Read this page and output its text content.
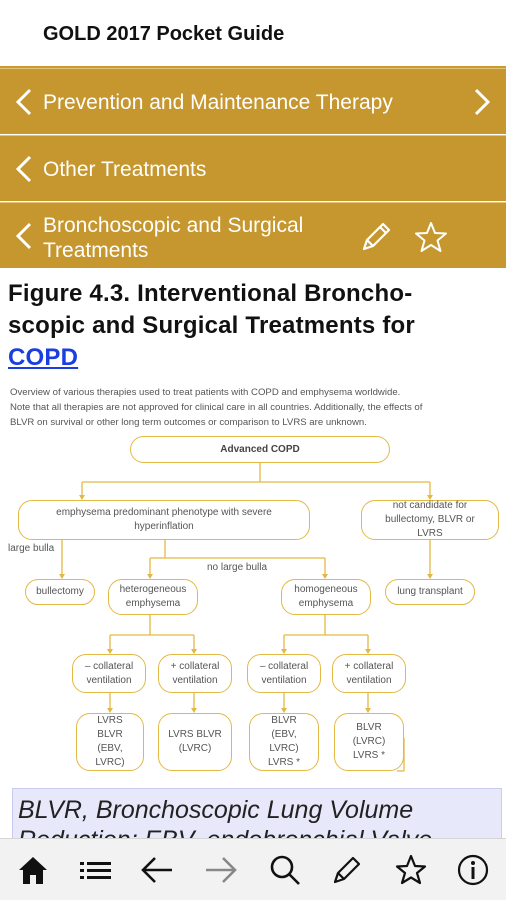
GOLD 2017 Pocket Guide
Prevention and Maintenance Therapy
Other Treatments
Bronchoscopic and Surgical
Treatments
Figure 4.3. Interventional Broncho-
scopic and Surgical Treatments for
COPD
Overview of various therapies used to treat patients with COPD and emphysema worldwide.
Note that all therapies are not approved for clinical care in all countries. Additionally, the effects of
BLVR on survival or other long term outcomes or comparison to LVRS are unknown.
Advanced COPD
emphysema predominant phenotype with severe hyperinflation
not candidate for bullectomy, BLVR or LVRS
large bulla
no large bulla
bullectomy	heterogeneous emphysema
homogeneous emphysema
lung transplant
– collateral ventilation
+ collateral ventilation
– collateral ventilation
+ collateral ventilation
LVRS BLVR (EBV, LVRC)
LVRS BLVR (LVRC)
BLVR (EBV, LVRC) LVRS *
BLVR (LVRC) LVRS *
BLVR, Bronchoscopic Lung Volume
